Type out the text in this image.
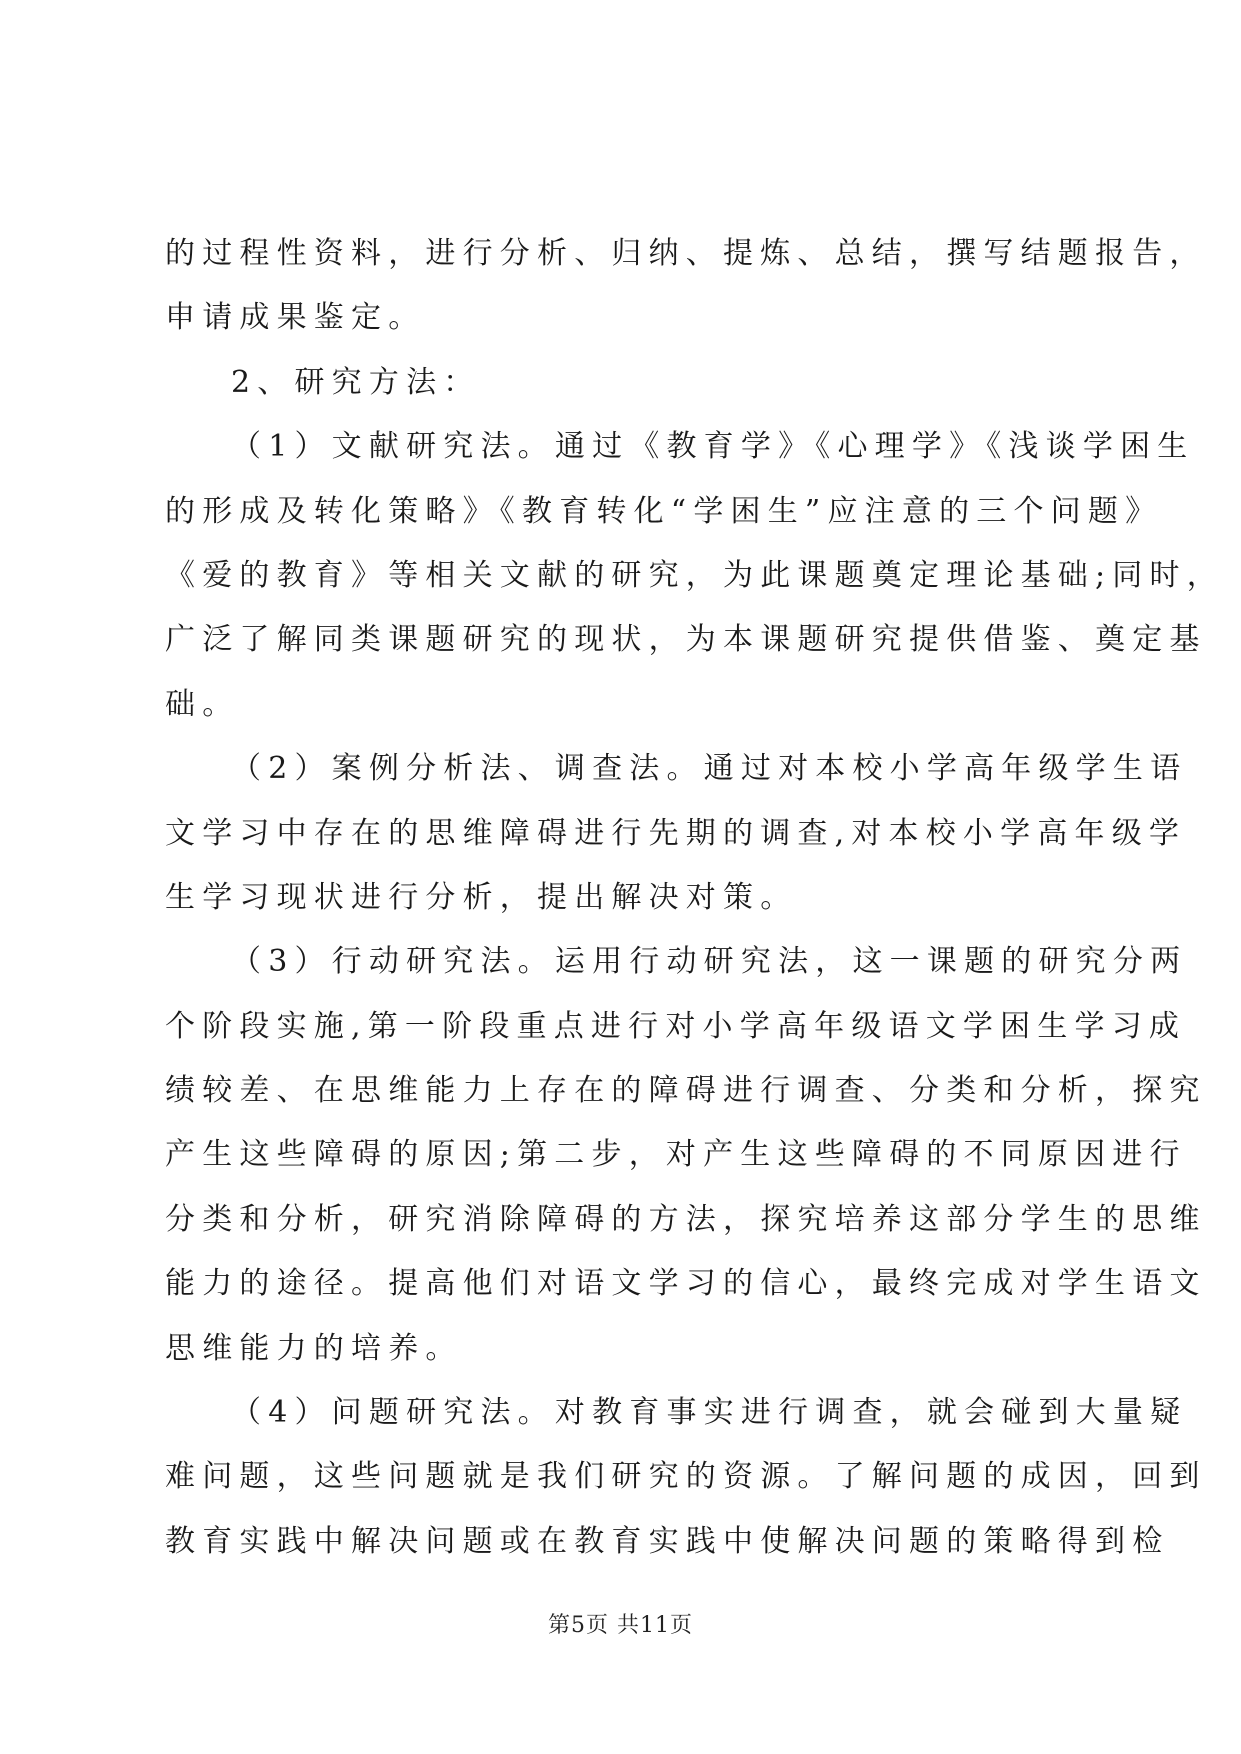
的过程性资料，进行分析、归纳、提炼、总结，撰写结题报告，

申请成果鉴定。

2、研究方法：

（1）文献研究法。通过《教育学》《心理学》《浅谈学困生

的形成及转化策略》《教育转化“学困生”应注意的三个问题》

《爱的教育》等相关文献的研究，为此课题奠定理论基础;同时，

广泛了解同类课题研究的现状，为本课题研究提供借鉴、奠定基

础。

（2）案例分析法、调查法。通过对本校小学高年级学生语

文学习中存在的思维障碍进行先期的调查,对本校小学高年级学

生学习现状进行分析，提出解决对策。

（3）行动研究法。运用行动研究法，这一课题的研究分两

个阶段实施,第一阶段重点进行对小学高年级语文学困生学习成

绩较差、在思维能力上存在的障碍进行调查、分类和分析，探究

产生这些障碍的原因;第二步，对产生这些障碍的不同原因进行

分类和分析，研究消除障碍的方法，探究培养这部分学生的思维

能力的途径。提高他们对语文学习的信心，最终完成对学生语文

思维能力的培养。

（4）问题研究法。对教育事实进行调查，就会碰到大量疑

难问题，这些问题就是我们研究的资源。了解问题的成因，回到

教育实践中解决问题或在教育实践中使解决问题的策略得到检

第5页 共11页
